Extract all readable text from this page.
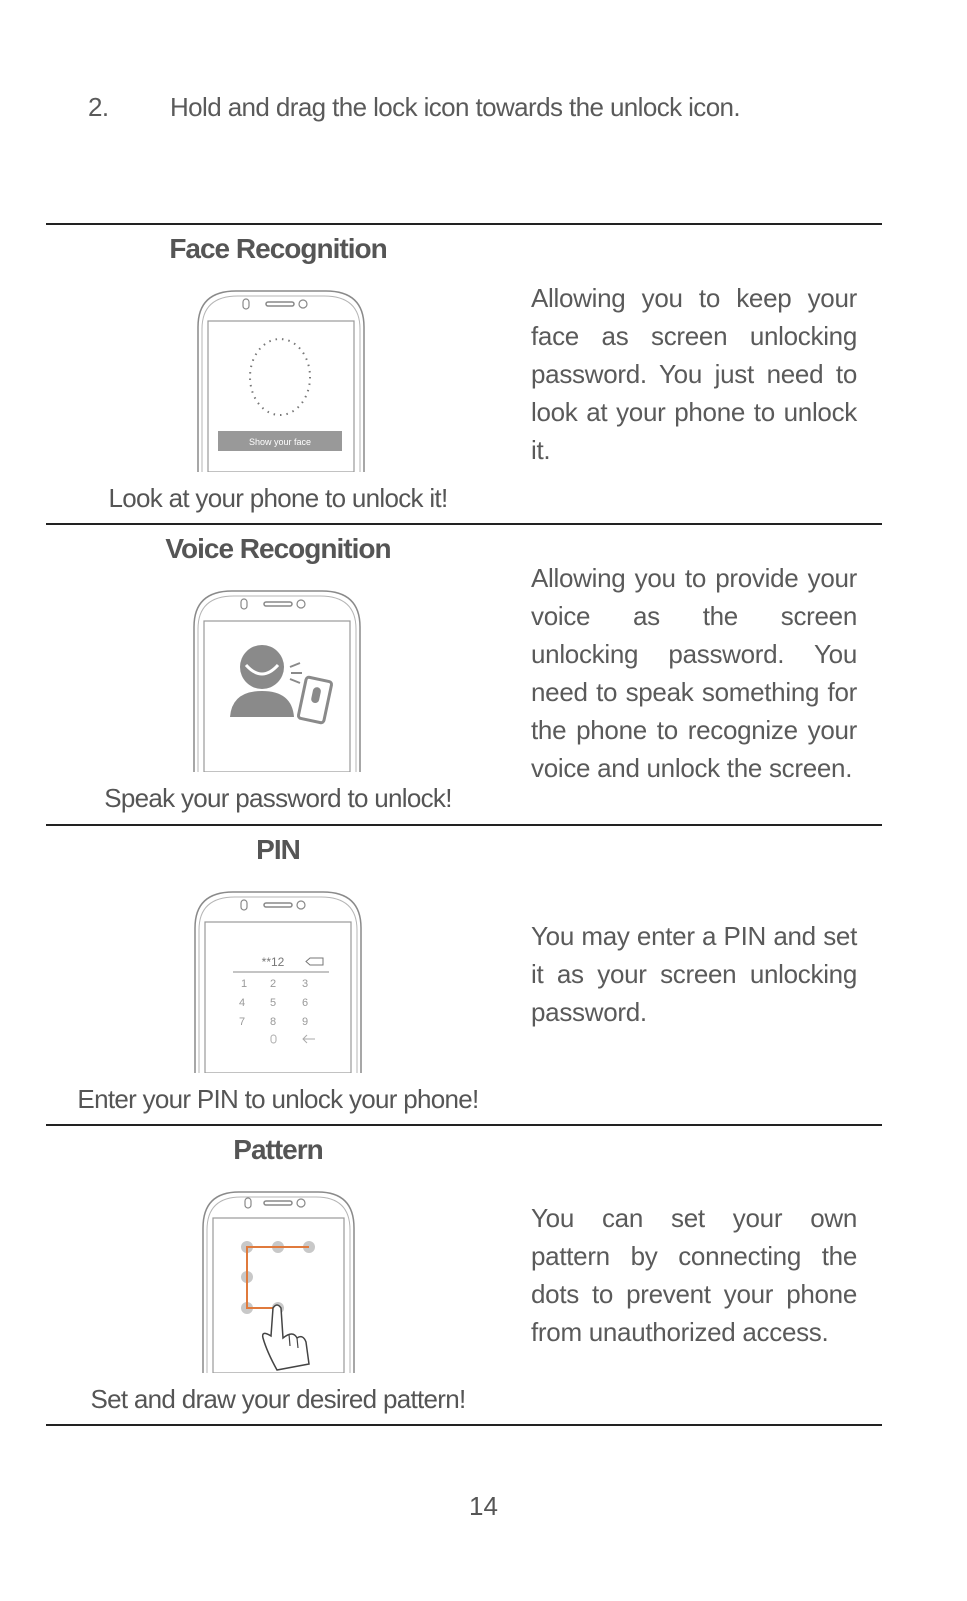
2. Hold and drag the lock icon towards the unlock icon.
Face Recognition
Show your face
Look at your phone to unlock it!
Allowing you to keep your face as screen unlocking password. You just need to look at your phone to unlock it.
Voice Recognition
Speak your password to unlock!
Allowing you to provide your voice as the screen unlocking password. You need to speak something for the phone to recognize your voice and unlock the screen.
PIN
**12
1 2 3
4 5 6
7 8 9
Enter your PIN to unlock your phone!
You may enter a PIN and set it as your screen unlocking password.
Pattern
Set and draw your desired pattern!
You can set your own pattern by connecting the dots to prevent your phone from unauthorized access.
14
